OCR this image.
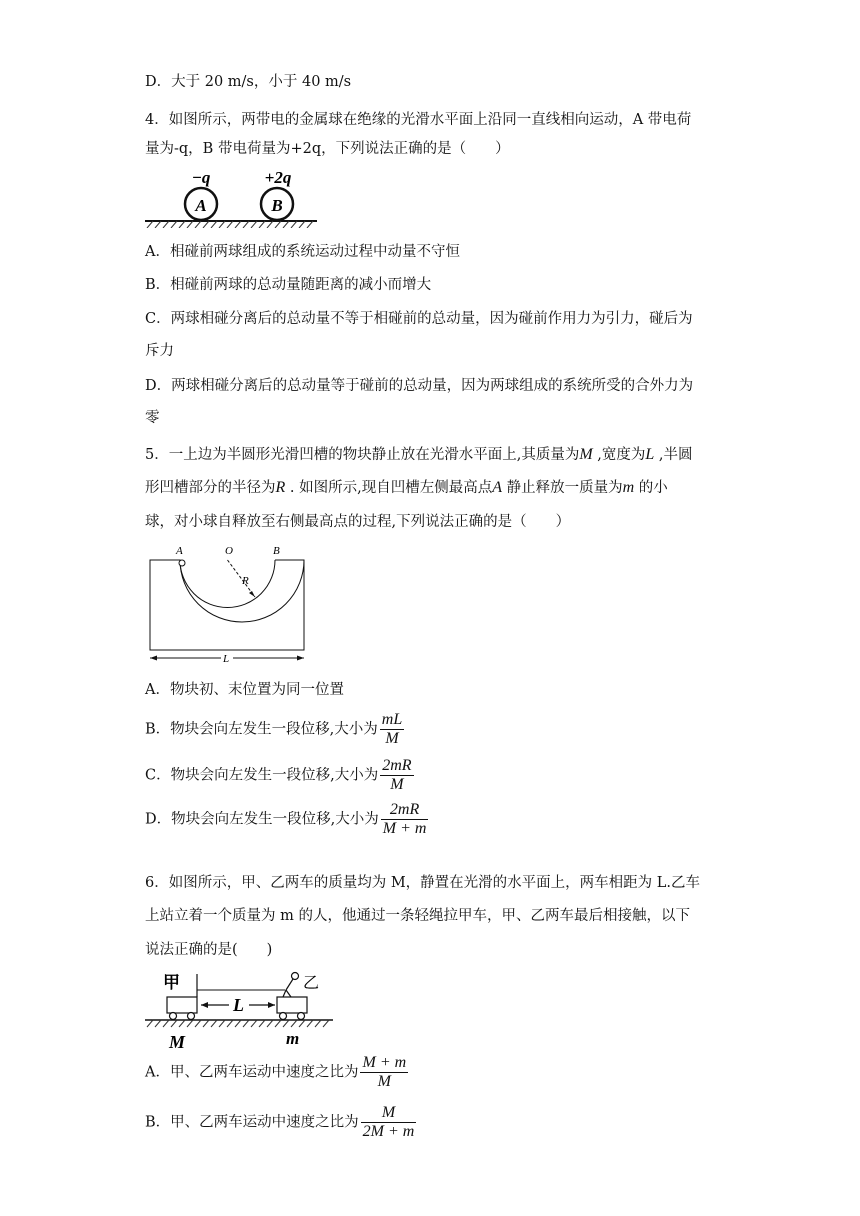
D．大于 20 m/s，小于 40 m/s
4．如图所示，两带电的金属球在绝缘的光滑水平面上沿同一直线相向运动，A 带电荷
量为-q，B 带电荷量为+2q，下列说法正确的是（　　）
−q	+2q
A	B
A．相碰前两球组成的系统运动过程中动量不守恒
B．相碰前两球的总动量随距离的减小而增大
C．两球相碰分离后的总动量不等于相碰前的总动量，因为碰前作用力为引力，碰后为
斥力
D．两球相碰分离后的总动量等于碰前的总动量，因为两球组成的系统所受的合外力为
零
5．一上边为半圆形光滑凹槽的物块静止放在光滑水平面上,其质量为M ,宽度为L ,半圆
形凹槽部分的半径为R . 如图所示,现自凹槽左侧最高点A 静止释放一质量为m 的小
球，对小球自释放至右侧最高点的过程,下列说法正确的是（　　）
A	O	B
R
L
A．物块初、末位置为同一位置
B．物块会向左发生一段位移,大小为 $\frac{mL}{M}$
C．物块会向左发生一段位移,大小为 $\frac{2mR}{M}$
D．物块会向左发生一段位移,大小为 $\frac{2mR}{M + m}$
6．如图所示，甲、乙两车的质量均为 M，静置在光滑的水平面上，两车相距为 L.乙车
上站立着一个质量为 m 的人，他通过一条轻绳拉甲车，甲、乙两车最后相接触，以下
说法正确的是(　　)
甲	乙
L
M	m
A．甲、乙两车运动中速度之比为 $\frac{M + m}{M}$
B．甲、乙两车运动中速度之比为 $\frac{M}{2M + m}$
